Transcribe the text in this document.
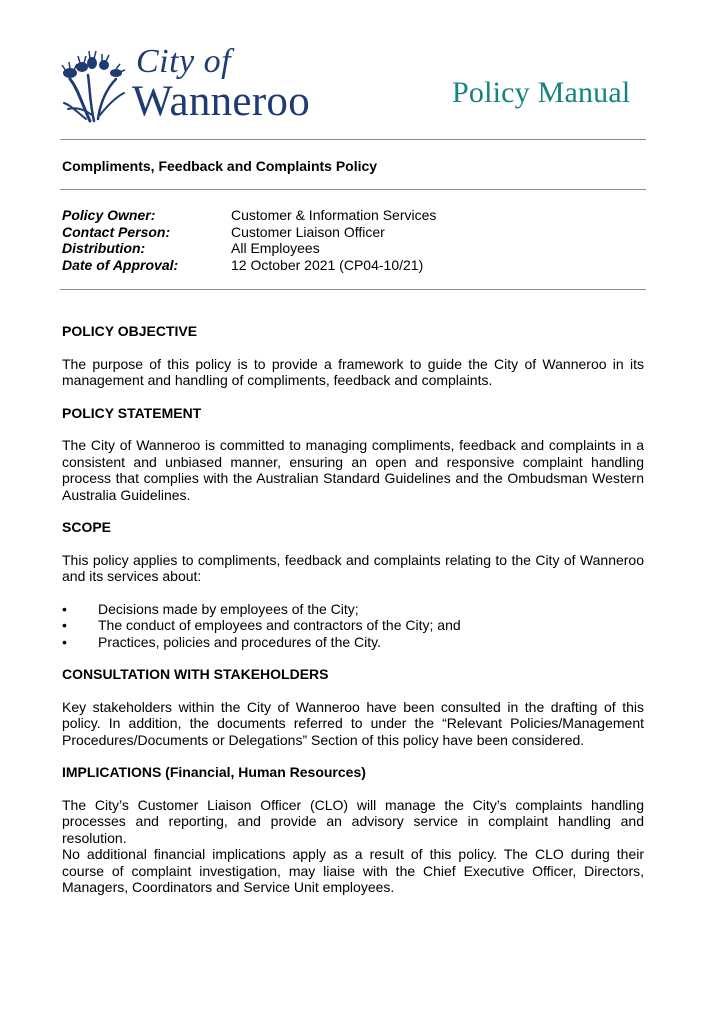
City of
Wanneroo	Policy Manual
Compliments, Feedback and Complaints Policy
Policy Owner:	Customer & Information Services
Contact Person:	Customer Liaison Officer
Distribution:	All Employees
Date of Approval:	12 October 2021 (CP04-10/21)
POLICY OBJECTIVE
The purpose of this policy is to provide a framework to guide the City of Wanneroo in its management and handling of compliments, feedback and complaints.
POLICY STATEMENT
The City of Wanneroo is committed to managing compliments, feedback and complaints in a consistent and unbiased manner, ensuring an open and responsive complaint handling process that complies with the Australian Standard Guidelines and the Ombudsman Western Australia Guidelines.
SCOPE
This policy applies to compliments, feedback and complaints relating to the City of Wanneroo and its services about:
•	Decisions made by employees of the City;
•	The conduct of employees and contractors of the City; and
•	Practices, policies and procedures of the City.
CONSULTATION WITH STAKEHOLDERS
Key stakeholders within the City of Wanneroo have been consulted in the drafting of this policy. In addition, the documents referred to under the “Relevant Policies/Management Procedures/Documents or Delegations” Section of this policy have been considered.
IMPLICATIONS (Financial, Human Resources)
The City’s Customer Liaison Officer (CLO) will manage the City’s complaints handling processes and reporting, and provide an advisory service in complaint handling and resolution.
No additional financial implications apply as a result of this policy. The CLO during their course of complaint investigation, may liaise with the Chief Executive Officer, Directors, Managers, Coordinators and Service Unit employees.
